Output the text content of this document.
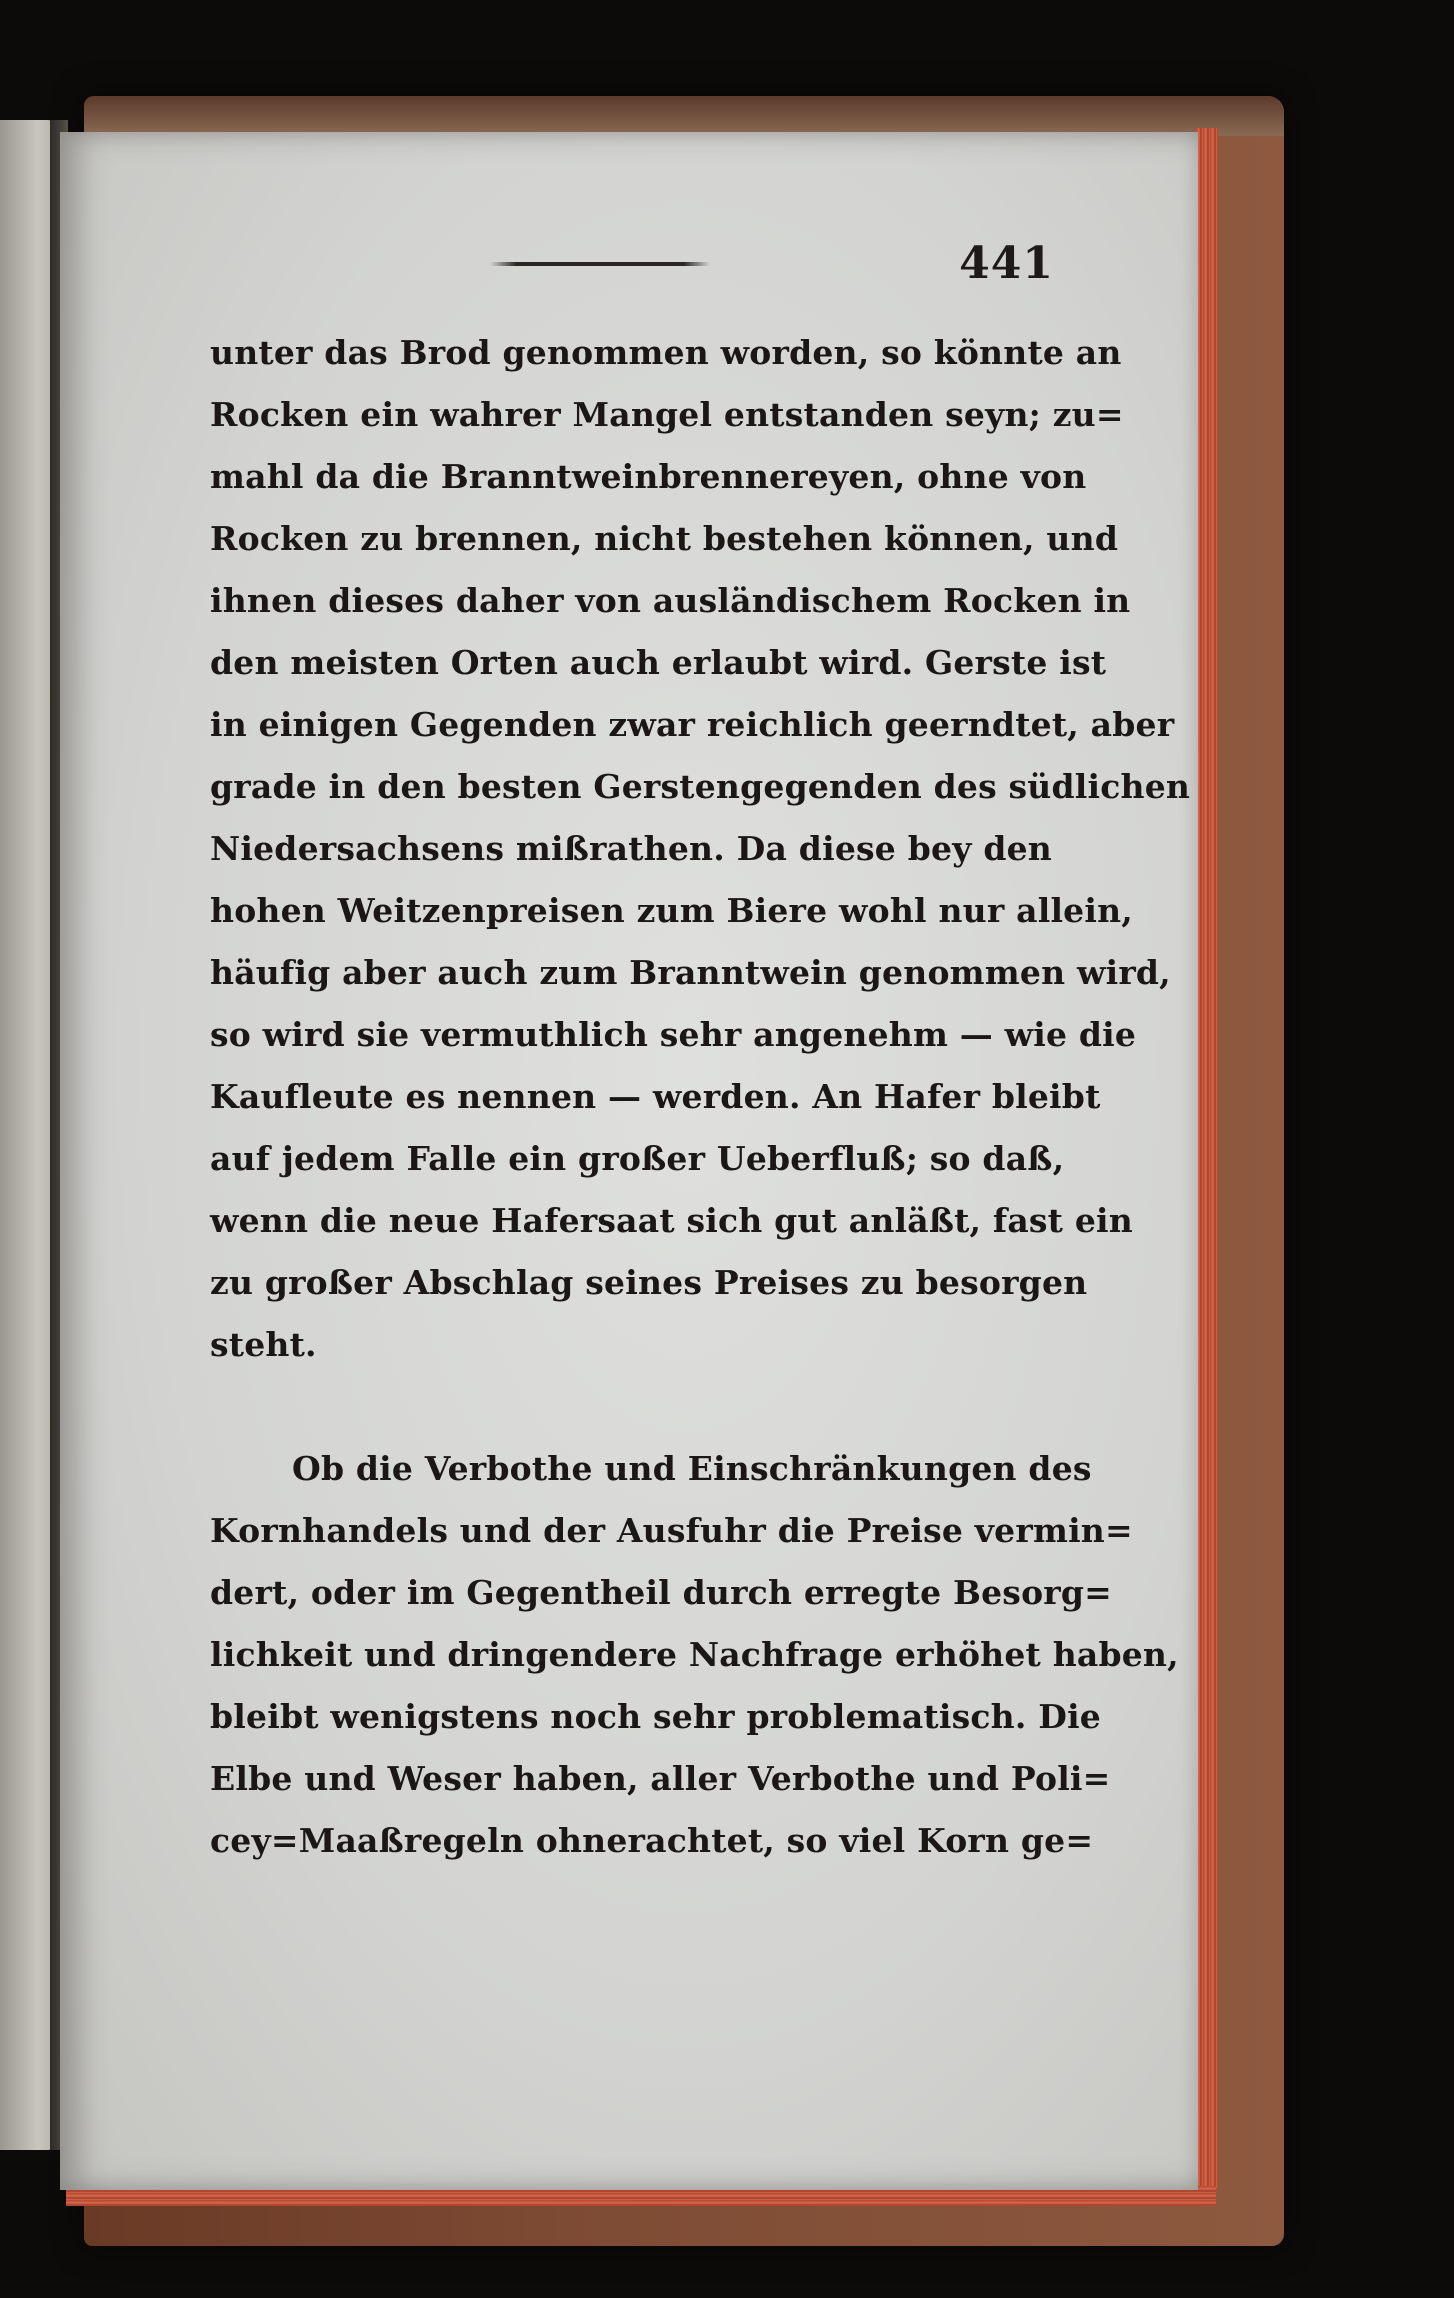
441
unter das Brod genommen worden, so könnte an
Rocken ein wahrer Mangel entstanden seyn; zu=
mahl da die Branntweinbrennereyen, ohne von
Rocken zu brennen, nicht bestehen können, und
ihnen dieses daher von ausländischem Rocken in
den meisten Orten auch erlaubt wird. Gerste ist
in einigen Gegenden zwar reichlich geerndtet, aber
grade in den besten Gerstengegenden des südlichen
Niedersachsens mißrathen. Da diese bey den
hohen Weitzenpreisen zum Biere wohl nur allein,
häufig aber auch zum Branntwein genommen wird,
so wird sie vermuthlich sehr angenehm — wie die
Kaufleute es nennen — werden. An Hafer bleibt
auf jedem Falle ein großer Ueberfluß; so daß,
wenn die neue Hafersaat sich gut anläßt, fast ein
zu großer Abschlag seines Preises zu besorgen
steht.
Ob die Verbothe und Einschränkungen des
Kornhandels und der Ausfuhr die Preise vermin=
dert, oder im Gegentheil durch erregte Besorg=
lichkeit und dringendere Nachfrage erhöhet haben,
bleibt wenigstens noch sehr problematisch. Die
Elbe und Weser haben, aller Verbothe und Poli=
cey=Maaßregeln ohnerachtet, so viel Korn ge=
